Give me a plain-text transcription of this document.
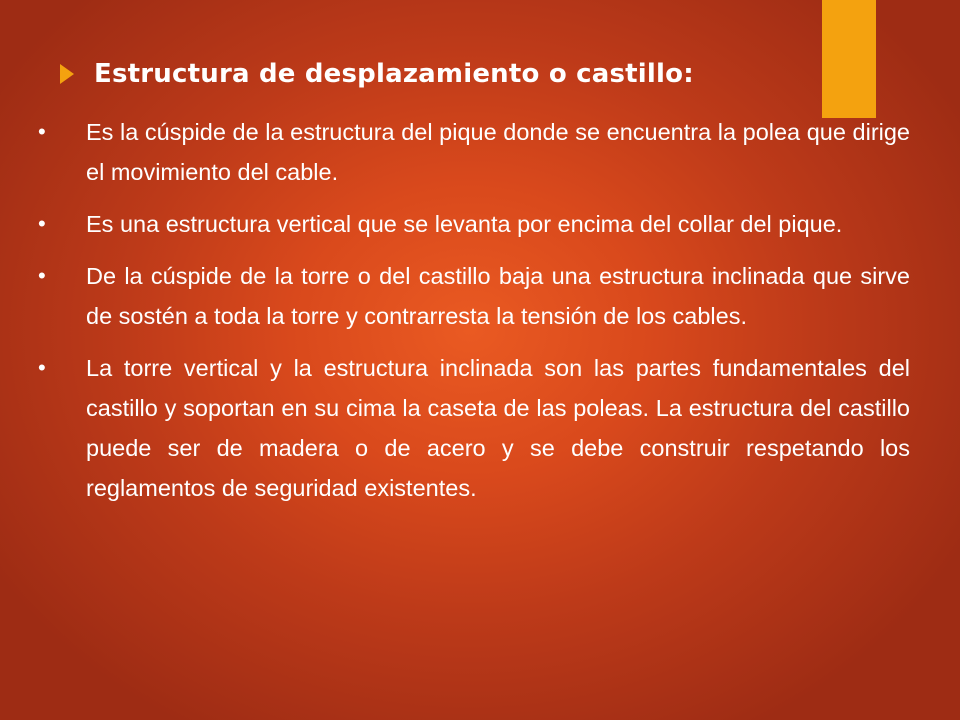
Estructura de desplazamiento o castillo:
•	Es la cúspide de la estructura del pique donde se encuentra la polea que dirige el movimiento del cable.
•	Es una estructura vertical que se levanta por encima del collar del pique.
•	De la cúspide de la torre o del castillo baja una estructura inclinada que sirve de sostén a toda la torre y contrarresta la tensión de los cables.
•	La torre vertical y la estructura inclinada son las partes fundamentales del castillo y soportan en su cima la caseta de las poleas. La estructura del castillo puede ser de madera o de acero y se debe construir respetando los reglamentos de seguridad existentes.
